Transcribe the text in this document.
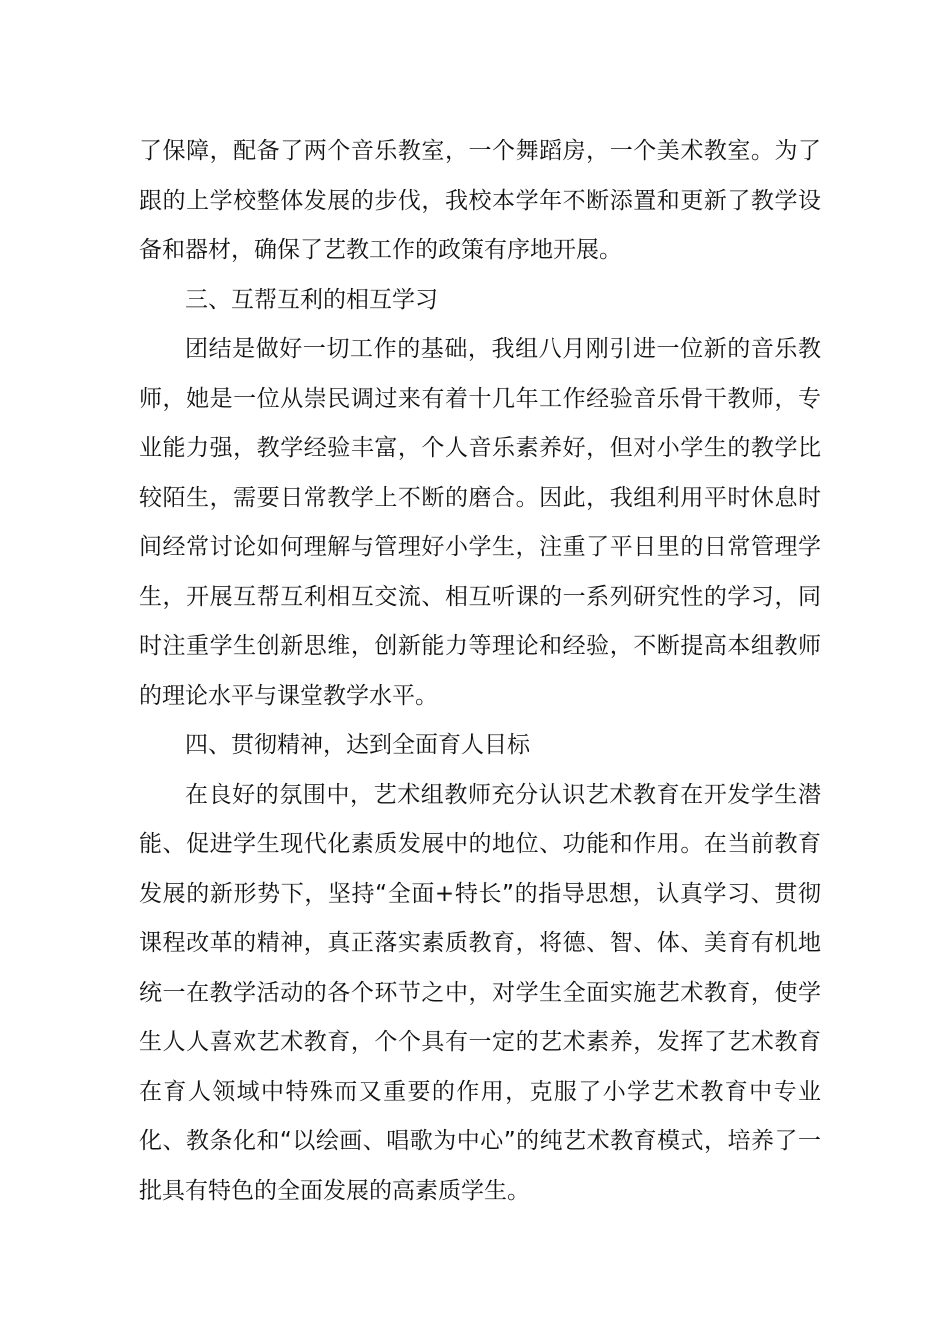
了保障，配备了两个音乐教室，一个舞蹈房，一个美术教室。为了跟的上学校整体发展的步伐，我校本学年不断添置和更新了教学设备和器材，确保了艺教工作的政策有序地开展。

三、互帮互利的相互学习

团结是做好一切工作的基础，我组八月刚引进一位新的音乐教师，她是一位从崇民调过来有着十几年工作经验音乐骨干教师，专业能力强，教学经验丰富，个人音乐素养好，但对小学生的教学比较陌生，需要日常教学上不断的磨合。因此，我组利用平时休息时间经常讨论如何理解与管理好小学生，注重了平日里的日常管理学生，开展互帮互利相互交流、相互听课的一系列研究性的学习，同时注重学生创新思维，创新能力等理论和经验，不断提高本组教师的理论水平与课堂教学水平。

四、贯彻精神，达到全面育人目标

在良好的氛围中，艺术组教师充分认识艺术教育在开发学生潜能、促进学生现代化素质发展中的地位、功能和作用。在当前教育发展的新形势下，坚持“全面+特长”的指导思想，认真学习、贯彻课程改革的精神，真正落实素质教育，将德、智、体、美育有机地统一在教学活动的各个环节之中，对学生全面实施艺术教育，使学生人人喜欢艺术教育，个个具有一定的艺术素养，发挥了艺术教育在育人领域中特殊而又重要的作用，克服了小学艺术教育中专业化、教条化和“以绘画、唱歌为中心”的纯艺术教育模式，培养了一批具有特色的全面发展的高素质学生。
